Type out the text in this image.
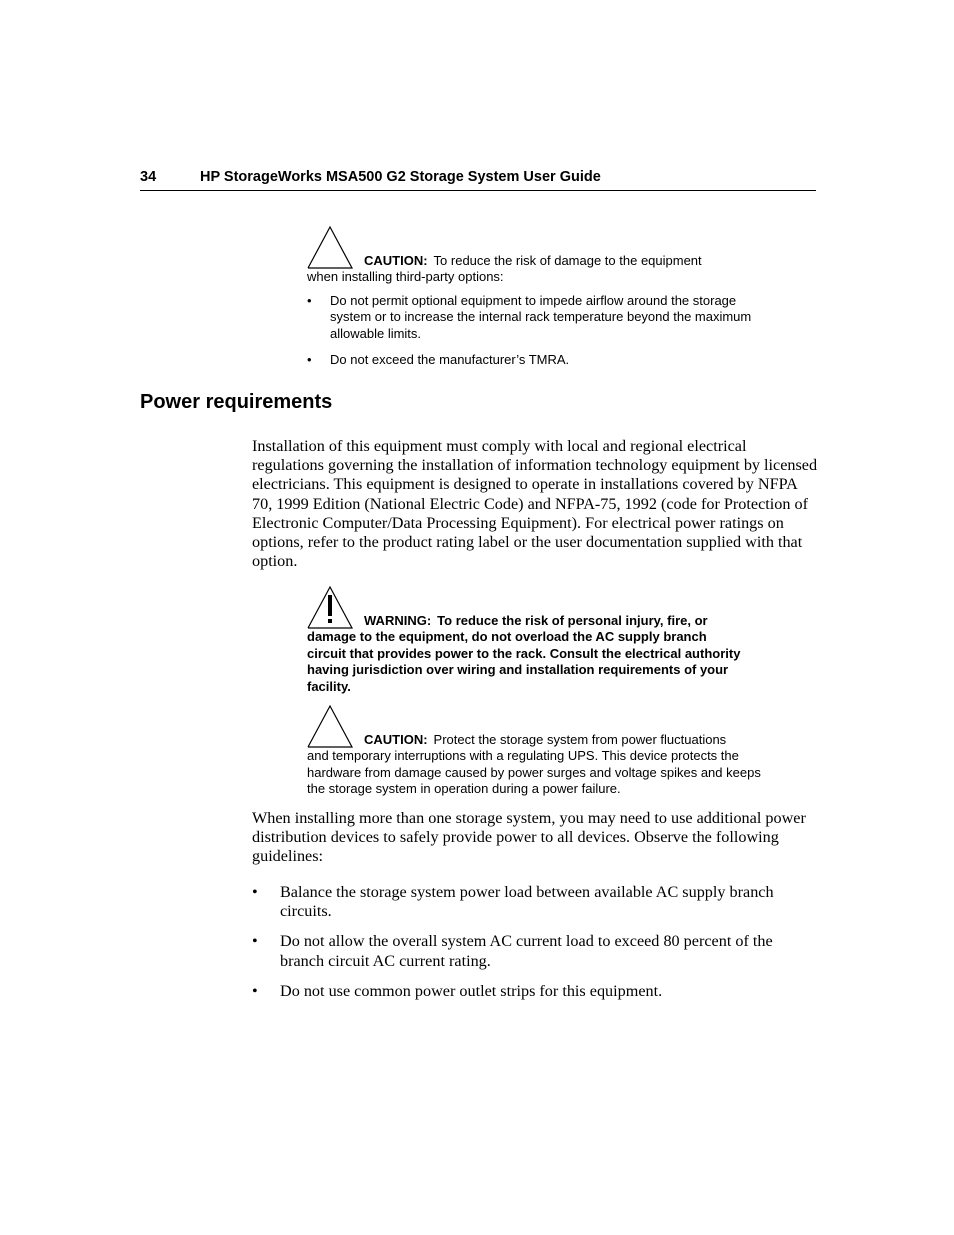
34	HP StorageWorks MSA500 G2 Storage System User Guide
CAUTION: To reduce the risk of damage to the equipment
when installing third-party options:
• Do not permit optional equipment to impede airflow around the storage system or to increase the internal rack temperature beyond the maximum allowable limits.
• Do not exceed the manufacturer’s TMRA.
Power requirements

Installation of this equipment must comply with local and regional electrical regulations governing the installation of information technology equipment by licensed electricians. This equipment is designed to operate in installations covered by NFPA 70, 1999 Edition (National Electric Code) and NFPA-75, 1992 (code for Protection of Electronic Computer/Data Processing Equipment). For electrical power ratings on options, refer to the product rating label or the user documentation supplied with that option.

WARNING: To reduce the risk of personal injury, fire, or
damage to the equipment, do not overload the AC supply branch circuit that provides power to the rack. Consult the electrical authority having jurisdiction over wiring and installation requirements of your facility.
CAUTION: Protect the storage system from power fluctuations
and temporary interruptions with a regulating UPS. This device protects the hardware from damage caused by power surges and voltage spikes and keeps the storage system in operation during a power failure.

When installing more than one storage system, you may need to use additional power distribution devices to safely provide power to all devices. Observe the following guidelines:

• Balance the storage system power load between available AC supply branch circuits.
• Do not allow the overall system AC current load to exceed 80 percent of the branch circuit AC current rating.
• Do not use common power outlet strips for this equipment.
